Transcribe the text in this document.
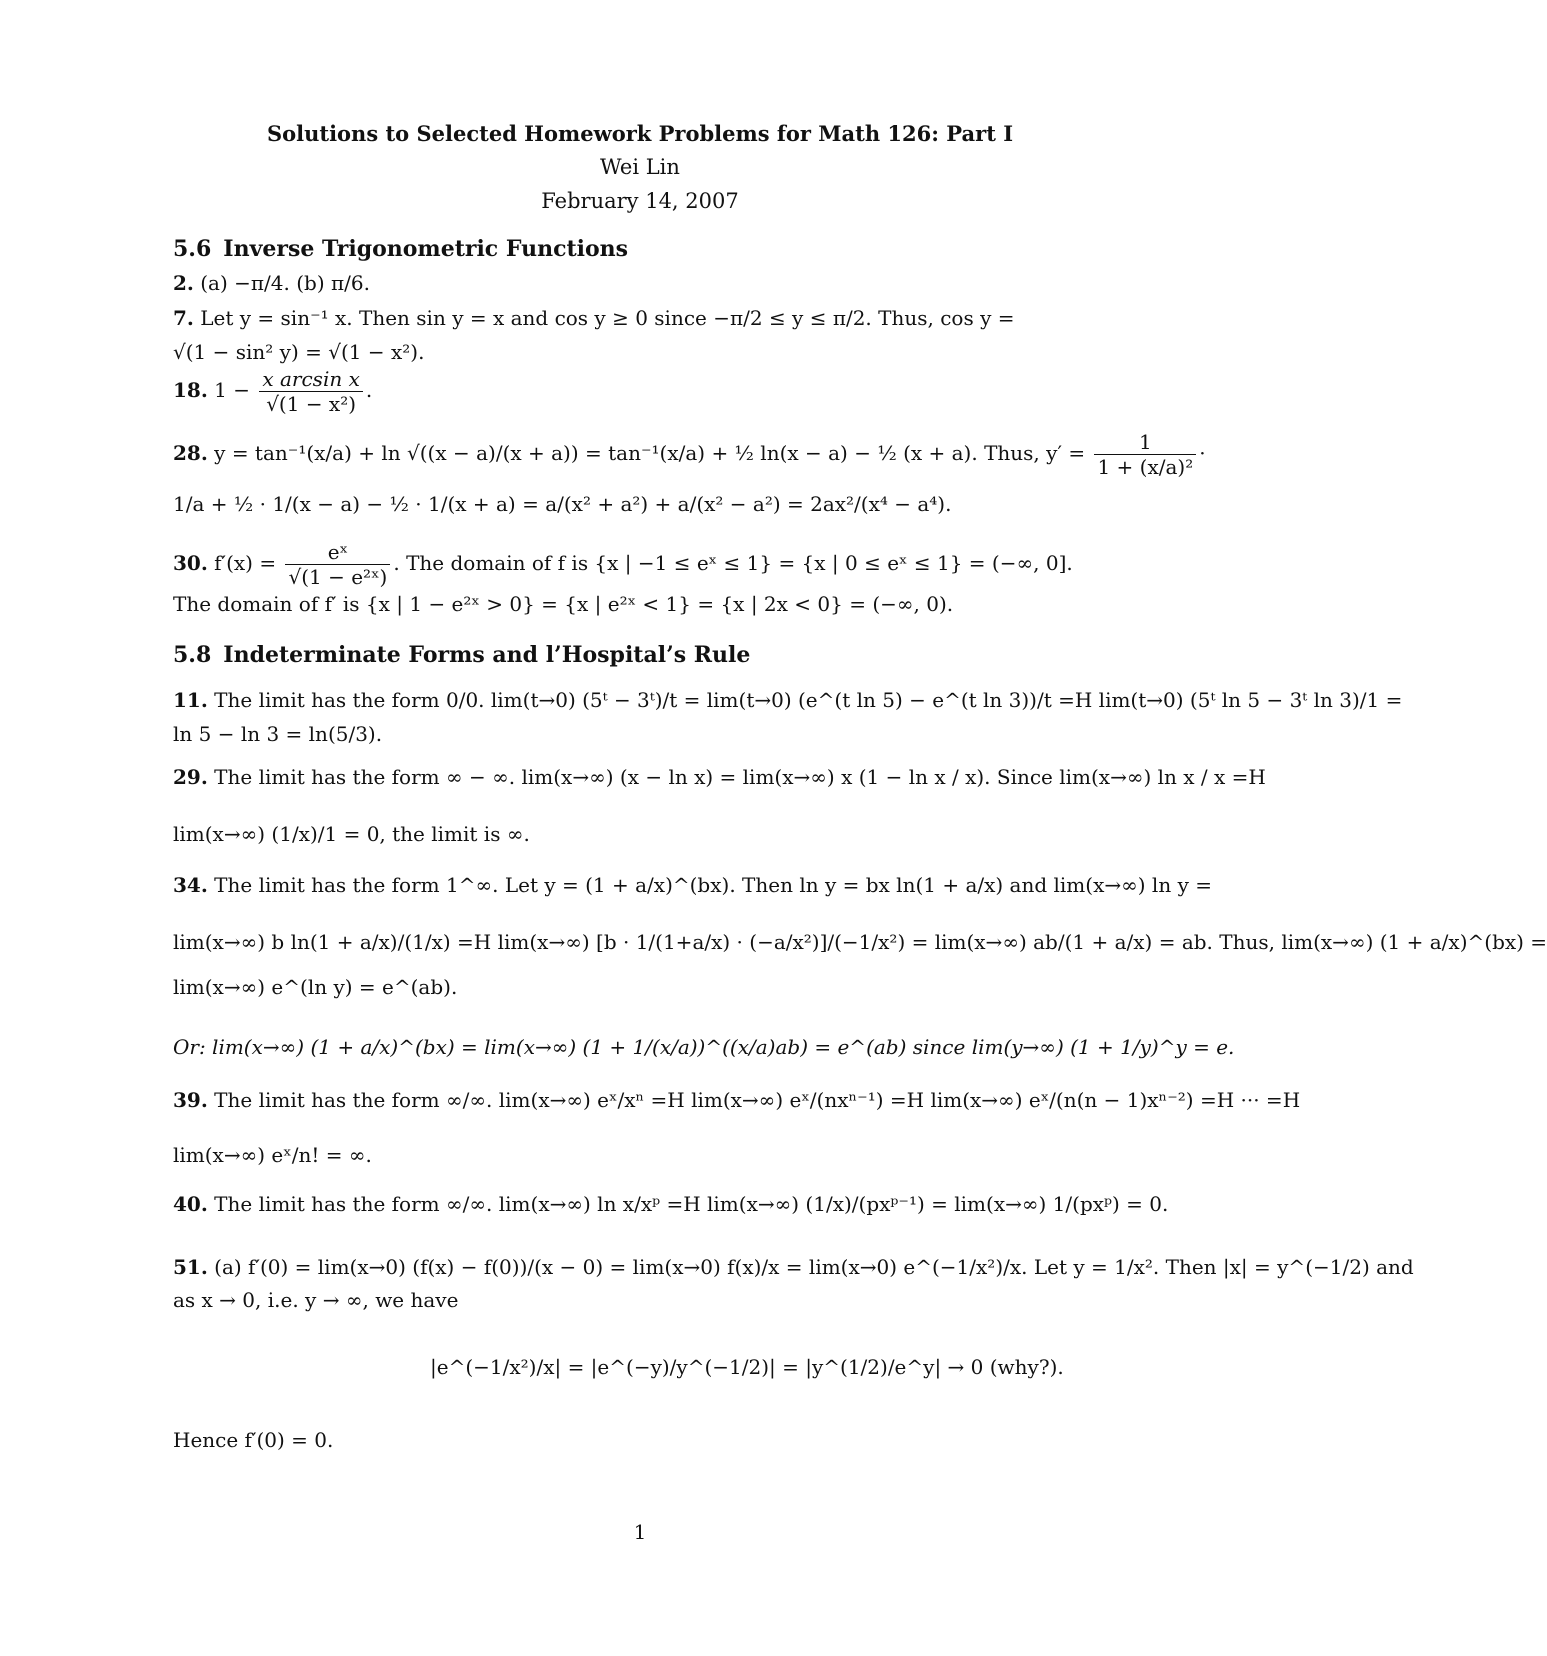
Solutions to Selected Homework Problems for Math 126: Part I
Wei Lin
February 14, 2007
5.6 Inverse Trigonometric Functions
2. (a) −π/4. (b) π/6.
7. Let y = sin⁻¹ x. Then sin y = x and cos y ≥ 0 since −π/2 ≤ y ≤ π/2. Thus, cos y =
√(1 − sin² y) = √(1 − x²).
18. $1 - \frac{\text{x arcsin x}}{\text{√(1 − x²)}}$ .
28. y = tan⁻¹(x/a) + ln √((x − a)/(x + a)) = tan⁻¹(x/a) + ½ ln(x − a) − ½ (x + a). Thus, $y' = \frac{1}{\text{1 + (x/a)²}}$ ·
1/a + ½ · 1/(x − a) − ½ · 1/(x + a) = a/(x² + a²) + a/(x² − a²) = 2ax²/(x⁴ − a⁴).
30. $f'(x) = \frac{\text{eˣ}}{\text{√(1 − e²ˣ)}}$ . The domain of f is {x | −1 ≤ eˣ ≤ 1} = {x | 0 ≤ eˣ ≤ 1} = (−∞, 0].
The domain of f′ is {x | 1 − e²ˣ > 0} = {x | e²ˣ < 1} = {x | 2x < 0} = (−∞, 0).
5.8 Indeterminate Forms and l’Hospital’s Rule
11. The limit has the form 0/0. lim(t→0) (5ᵗ − 3ᵗ)/t = lim(t→0) (e^(t ln 5) − e^(t ln 3))/t =H lim(t→0) (5ᵗ ln 5 − 3ᵗ ln 3)/1 =
ln 5 − ln 3 = ln(5/3).
29. The limit has the form ∞ − ∞. lim(x→∞) (x − ln x) = lim(x→∞) x (1 − ln x / x). Since lim(x→∞) ln x / x =H
lim(x→∞) (1/x)/1 = 0, the limit is ∞.
34. The limit has the form 1^∞. Let y = (1 + a/x)^(bx). Then ln y = bx ln(1 + a/x) and lim(x→∞) ln y =
lim(x→∞) b ln(1 + a/x)/(1/x) =H lim(x→∞) [b · 1/(1+a/x) · (−a/x²)]/(−1/x²) = lim(x→∞) ab/(1 + a/x) = ab. Thus, lim(x→∞) (1 + a/x)^(bx) =
lim(x→∞) e^(ln y) = e^(ab).
Or: lim(x→∞) (1 + a/x)^(bx) = lim(x→∞) (1 + 1/(x/a))^((x/a)ab) = e^(ab) since lim(y→∞) (1 + 1/y)^y = e.
39. The limit has the form ∞/∞. lim(x→∞) eˣ/xⁿ =H lim(x→∞) eˣ/(nxⁿ⁻¹) =H lim(x→∞) eˣ/(n(n − 1)xⁿ⁻²) =H ··· =H
lim(x→∞) eˣ/n! = ∞.
40. The limit has the form ∞/∞. lim(x→∞) ln x/xᵖ =H lim(x→∞) (1/x)/(pxᵖ⁻¹) = lim(x→∞) 1/(pxᵖ) = 0.
51. (a) f′(0) = lim(x→0) (f(x) − f(0))/(x − 0) = lim(x→0) f(x)/x = lim(x→0) e^(−1/x²)/x. Let y = 1/x². Then |x| = y^(−1/2) and
as x → 0, i.e. y → ∞, we have
|e^(−1/x²)/x| = |e^(−y)/y^(−1/2)| = |y^(1/2)/e^y| → 0 (why?).
Hence f′(0) = 0.
1
